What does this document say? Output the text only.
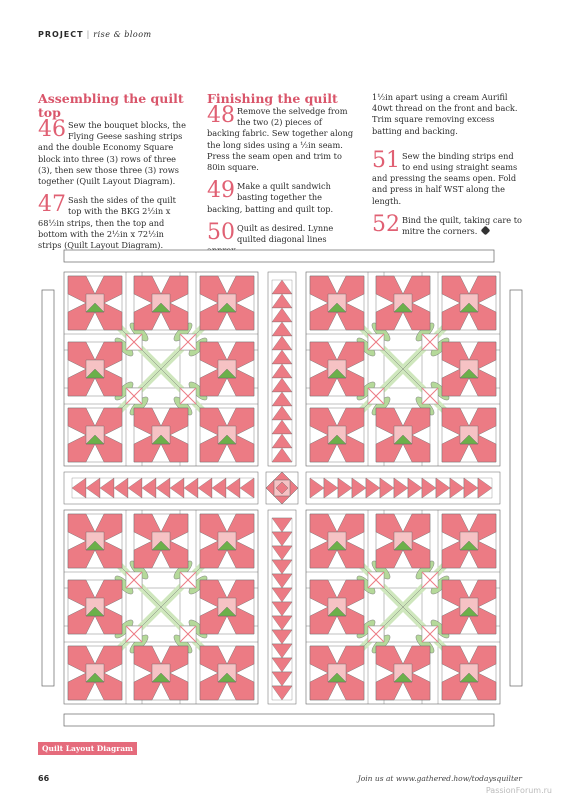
PROJECT | rise & bloom
Assembling the quilt top
46 Sew the bouquet blocks, the Flying Geese sashing strips and the double Economy Square block into three (3) rows of three (3), then sew those three (3) rows together (Quilt Layout Diagram).

47 Sash the sides of the quilt top with the BKG 2½in x 68½in strips, then the top and bottom with the 2½in x 72½in strips (Quilt Layout Diagram).

Finishing the quilt
48 Remove the selvedge from the two (2) pieces of backing fabric. Sew together along the long sides using a ½in seam. Press the seam open and trim to 80in square.

49 Make a quilt sandwich basting together the backing, batting and quilt top.

50 Quilt as desired. Lynne quilted diagonal lines

1½in apart using a cream Aurifil 40wt thread on the front and back. Trim square removing excess batting and backing.

51 Sew the binding strips end to end using straight seams and pressing the seams open. Fold and press in half WST along the length.

52 Bind the quilt, taking care to mitre the corners.

Quilt Layout Diagram
66	Join us at www.gathered.how/todaysquilter
PassionForum.ru
